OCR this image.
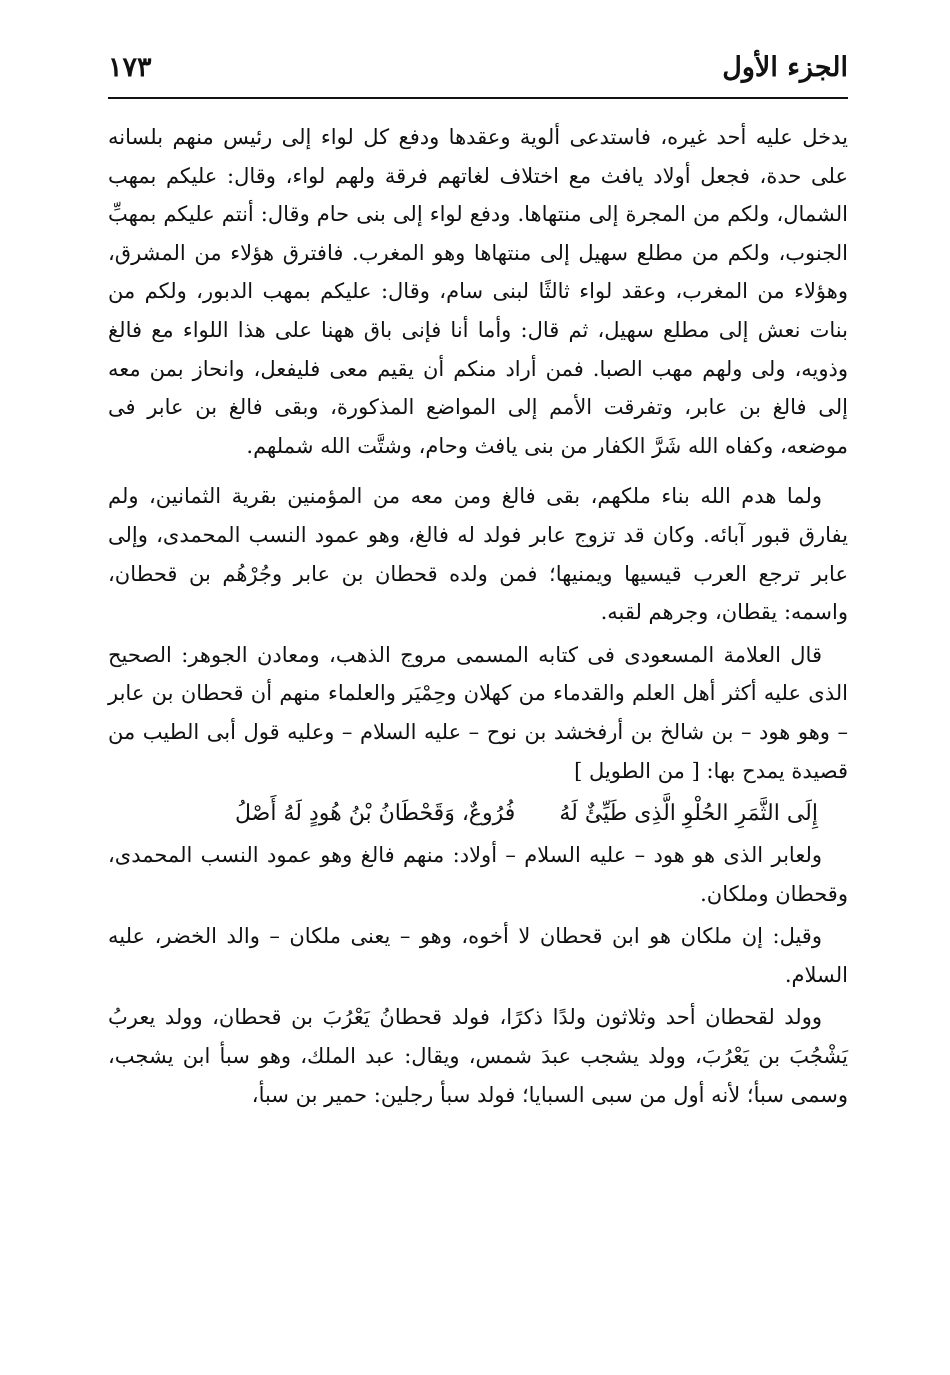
الجزء الأول
١٧٣

يدخل عليه أحد غيره، فاستدعى ألوية وعقدها ودفع كل لواء إلى رئيس منهم بلسانه على حدة، فجعل أولاد يافث مع اختلاف لغاتهم فرقة ولهم لواء، وقال: عليكم بمهب الشمال، ولكم من المجرة إلى منتهاها. ودفع لواء إلى بنى حام وقال: أنتم عليكم بمهبِّ الجنوب، ولكم من مطلع سهيل إلى منتهاها وهو المغرب. فافترق هؤلاء من المشرق، وهؤلاء من المغرب، وعقد لواء ثالثًا لبنى سام، وقال: عليكم بمهب الدبور، ولكم من بنات نعش إلى مطلع سهيل، ثم قال: وأما أنا فإنى باق ههنا على هذا اللواء مع فالغ وذويه، ولى ولهم مهب الصبا. فمن أراد منكم أن يقيم معى فليفعل، وانحاز بمن معه إلى فالغ بن عابر، وتفرقت الأمم إلى المواضع المذكورة، وبقى فالغ بن عابر فى موضعه، وكفاه الله شَرَّ الكفار من بنى يافث وحام، وشتَّت الله شملهم.

ولما هدم الله بناء ملكهم، بقى فالغ ومن معه من المؤمنين بقرية الثمانين، ولم يفارق قبور آبائه. وكان قد تزوج عابر فولد له فالغ، وهو عمود النسب المحمدى، وإلى عابر ترجع العرب قيسيها ويمنيها؛ فمن ولده قحطان بن عابر وجُرْهُم بن قحطان، واسمه: يقطان، وجرهم لقبه.

قال العلامة المسعودى فى كتابه المسمى مروج الذهب، ومعادن الجوهر: الصحيح الذى عليه أكثر أهل العلم والقدماء من كهلان وحِمْيَر والعلماء منهم أن قحطان بن عابر – وهو هود – بن شالخ بن أرفخشد بن نوح – عليه السلام – وعليه قول أبى الطيب من قصيدة يمدح بها: [ من الطويل ]

إِلَى الثَّمَرِ الحُلْوِ الَّذِى طَيِّئٌ لَهُ
فُرُوعٌ، وَقَحْطَانُ بْنُ هُودٍ لَهُ أَصْلُ

ولعابر الذى هو هود – عليه السلام – أولاد: منهم فالغ وهو عمود النسب المحمدى، وقحطان وملكان.

وقيل: إن ملكان هو ابن قحطان لا أخوه، وهو – يعنى ملكان – والد الخضر، عليه السلام.

وولد لقحطان أحد وثلاثون ولدًا ذكرًا، فولد قحطانُ يَعْرُبَ بن قحطان، وولد يعربُ يَشْجُبَ بن يَعْرُبَ، وولد يشجب عبدَ شمس، ويقال: عبد الملك، وهو سبأ ابن يشجب، وسمى سبأ؛ لأنه أول من سبى السبايا؛ فولد سبأ رجلين: حمير بن سبأ،
